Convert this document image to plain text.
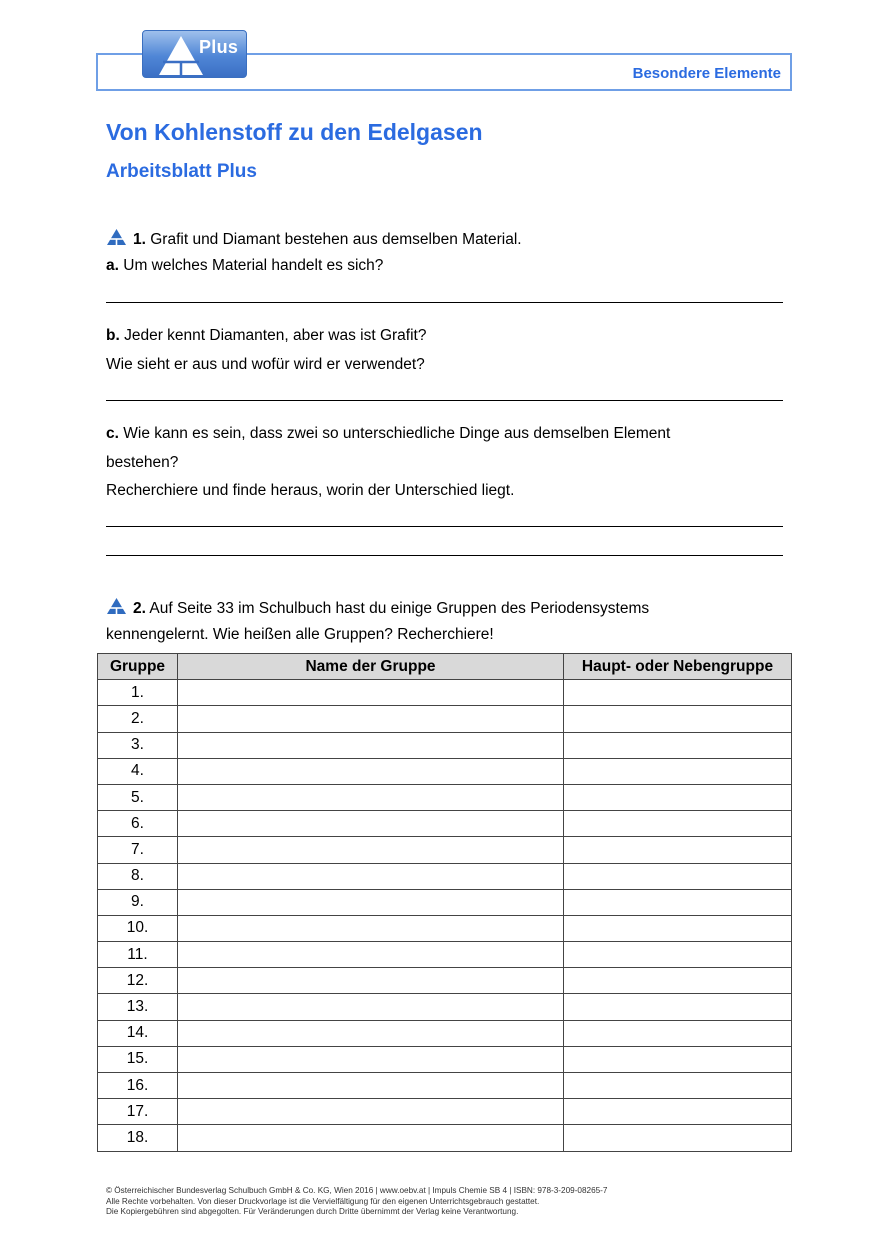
Besondere Elemente
Plus
Von Kohlenstoff zu den Edelgasen
Arbeitsblatt Plus
1. Grafit und Diamant bestehen aus demselben Material.
a. Um welches Material handelt es sich?
b. Jeder kennt Diamanten, aber was ist Grafit?
Wie sieht er aus und wofür wird er verwendet?
c. Wie kann es sein, dass zwei so unterschiedliche Dinge aus demselben Element
bestehen?
Recherchiere und finde heraus, worin der Unterschied liegt.
2. Auf Seite 33 im Schulbuch hast du einige Gruppen des Periodensystems
kennengelernt. Wie heißen alle Gruppen? Recherchiere!
Gruppe	Name der Gruppe	Haupt- oder Nebengruppe
1.		
2.		
3.		
4.		
5.		
6.		
7.		
8.		
9.		
10.		
11.		
12.		
13.		
14.		
15.		
16.		
17.		
18.		
© Österreichischer Bundesverlag Schulbuch GmbH & Co. KG, Wien 2016 | www.oebv.at | Impuls Chemie SB 4 | ISBN: 978-3-209-08265-7
Alle Rechte vorbehalten. Von dieser Druckvorlage ist die Vervielfältigung für den eigenen Unterrichtsgebrauch gestattet.
Die Kopiergebühren sind abgegolten. Für Veränderungen durch Dritte übernimmt der Verlag keine Verantwortung.
